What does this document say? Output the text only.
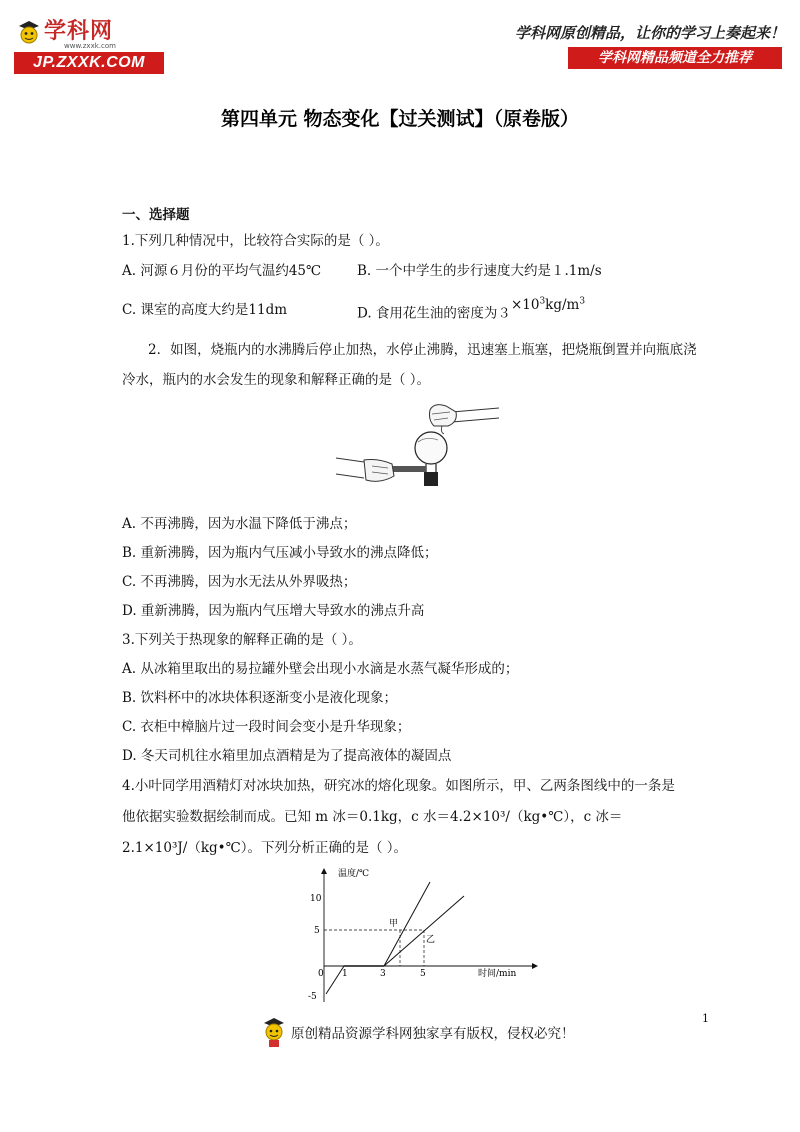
学科网
www.zxxk.com
JP.ZXXK.COM
学科网原创精品，让你的学习上奏起来！
学科网精品频道全力推荐
第四单元 物态变化【过关测试】（原卷版）
一、选择题
1.下列几种情况中，比较符合实际的是（ ）。
A. 河源６月份的平均气温约45℃	B. 一个中学生的步行速度大约是１.1m/s
C. 课室的高度大约是11dm	D. 食用花生油的密度为$3\times 10^3kg/m^3$
2．如图，烧瓶内的水沸腾后停止加热，水停止沸腾，迅速塞上瓶塞，把烧瓶倒置并向瓶底浇
冷水，瓶内的水会发生的现象和解释正确的是（ ）。
A. 不再沸腾，因为水温下降低于沸点；
B. 重新沸腾，因为瓶内气压减小导致水的沸点降低；
C. 不再沸腾，因为水无法从外界吸热；
D. 重新沸腾，因为瓶内气压增大导致水的沸点升高
3.下列关于热现象的解释正确的是（ ）。
A. 从冰箱里取出的易拉罐外壁会出现小水滴是水蒸气凝华形成的；
B. 饮料杯中的冰块体积逐渐变小是液化现象；
C. 衣柜中樟脑片过一段时间会变小是升华现象；
D. 冬天司机往水箱里加点酒精是为了提高液体的凝固点
4.小叶同学用酒精灯对冰块加热，研究冰的熔化现象。如图所示，甲、乙两条图线中的一条是
他依据实验数据绘制而成。已知 m 冰＝0.1kg，c 水＝4.2×10³/（kg•℃），c 冰＝
2.1×10³J/（kg•℃）。下列分析正确的是（ ）。
温度/℃
时间/min
10
5
0
-5
1	3	5
甲
乙
原创精品资源学科网独家享有版权，侵权必究！
1
